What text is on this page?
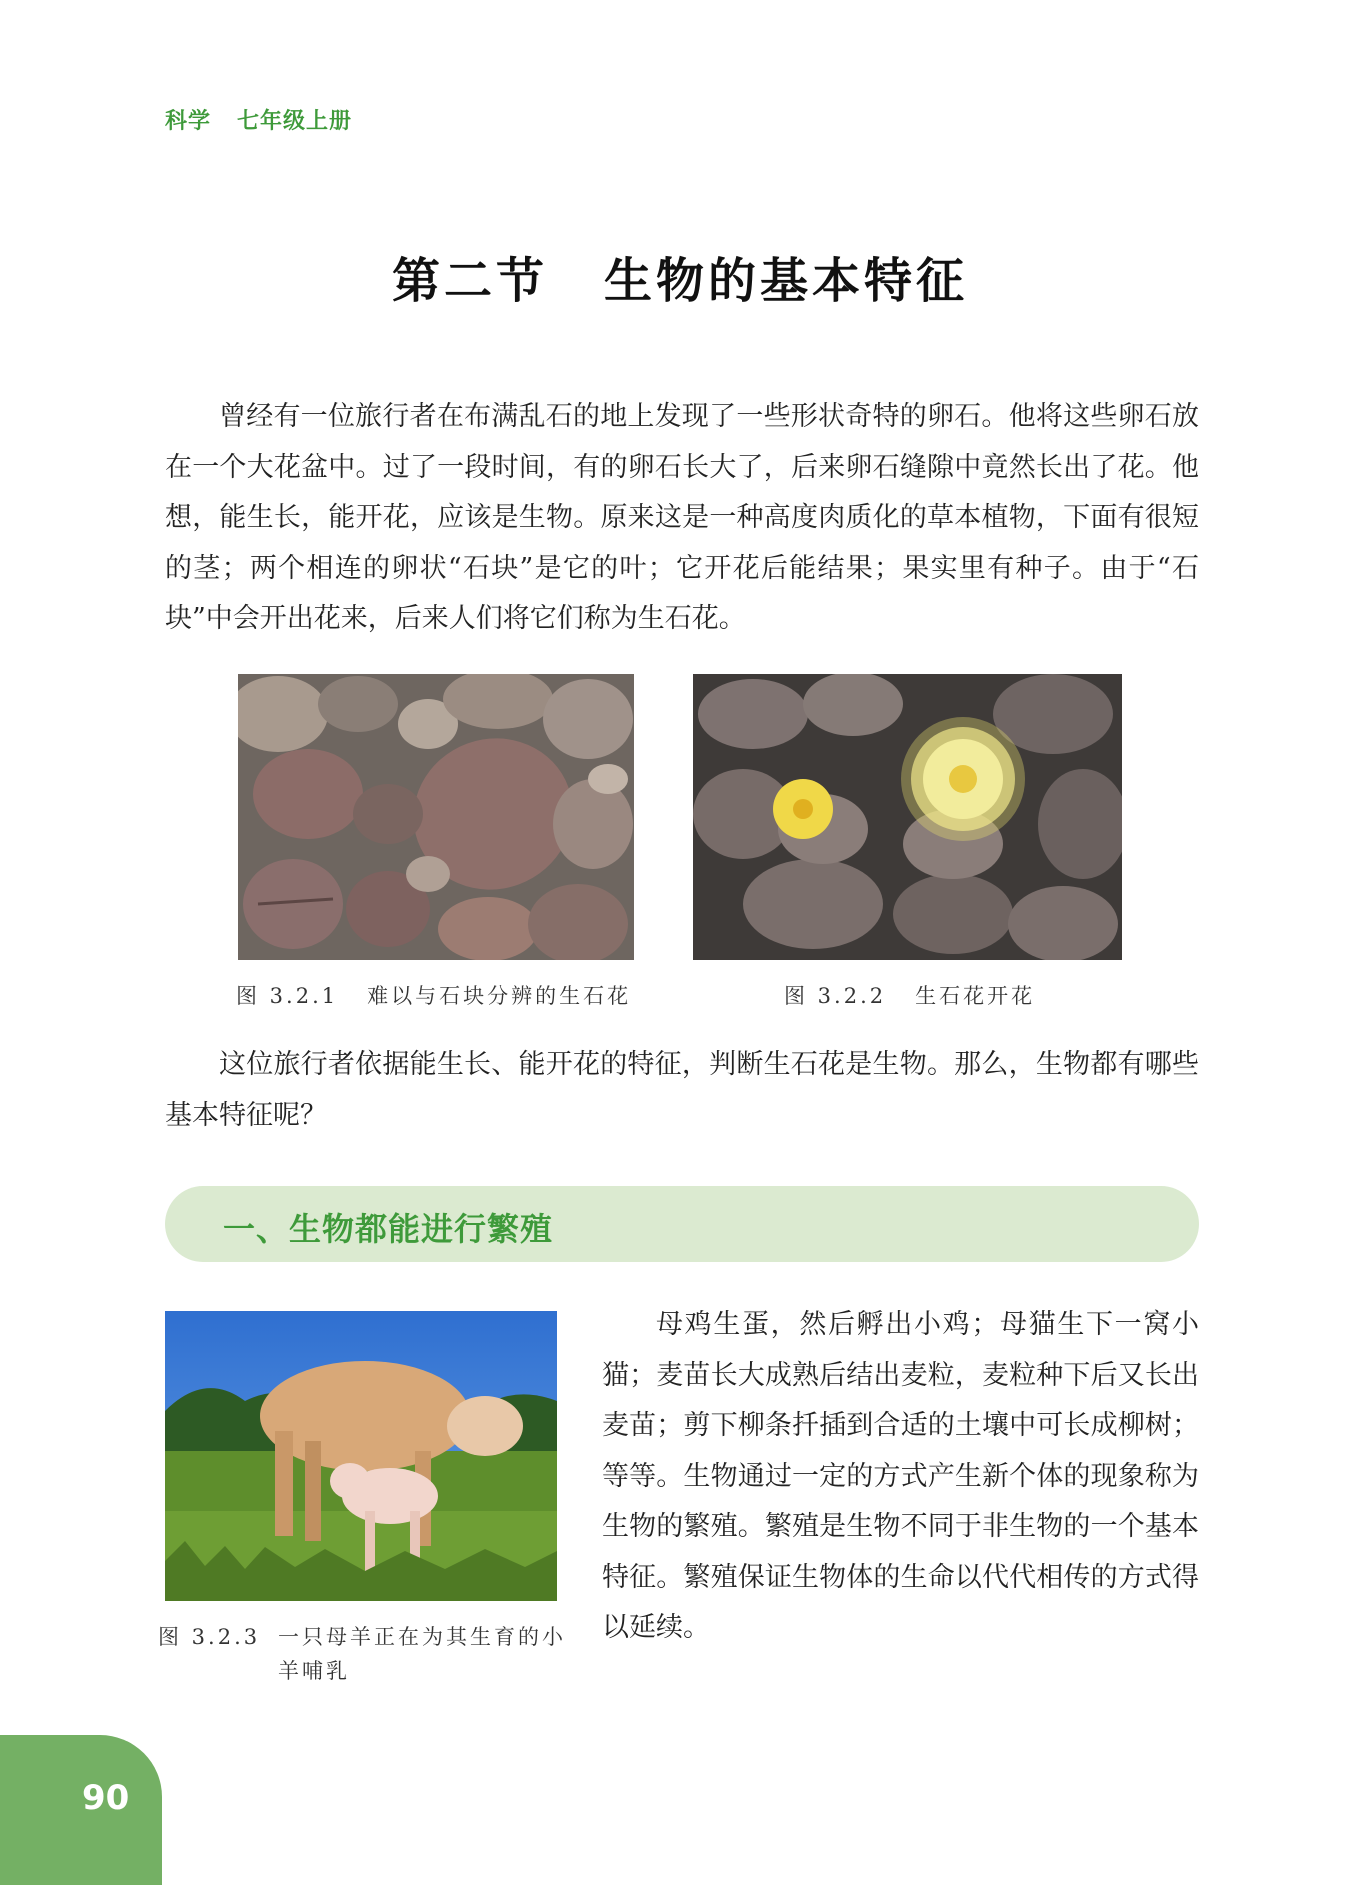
科学 七年级上册
第二节 生物的基本特征

曾经有一位旅行者在布满乱石的地上发现了一些形状奇特的卵石。他将这些卵石放在一个大花盆中。过了一段时间，有的卵石长大了，后来卵石缝隙中竟然长出了花。他想，能生长，能开花，应该是生物。原来这是一种高度肉质化的草本植物，下面有很短的茎；两个相连的卵状“石块”是它的叶；它开花后能结果；果实里有种子。由于“石块”中会开出花来，后来人们将它们称为生石花。

图 3.2.1 难以与石块分辨的生石花	图 3.2.2 生石花开花

这位旅行者依据能生长、能开花的特征，判断生石花是生物。那么，生物都有哪些基本特征呢？

一、生物都能进行繁殖
图 3.2.3 一只母羊正在为其生育的小羊哺乳

母鸡生蛋，然后孵出小鸡；母猫生下一窝小猫；麦苗长大成熟后结出麦粒，麦粒种下后又长出麦苗；剪下柳条扦插到合适的土壤中可长成柳树；等等。生物通过一定的方式产生新个体的现象称为生物的繁殖。繁殖是生物不同于非生物的一个基本特征。繁殖保证生物体的生命以代代相传的方式得以延续。

90
